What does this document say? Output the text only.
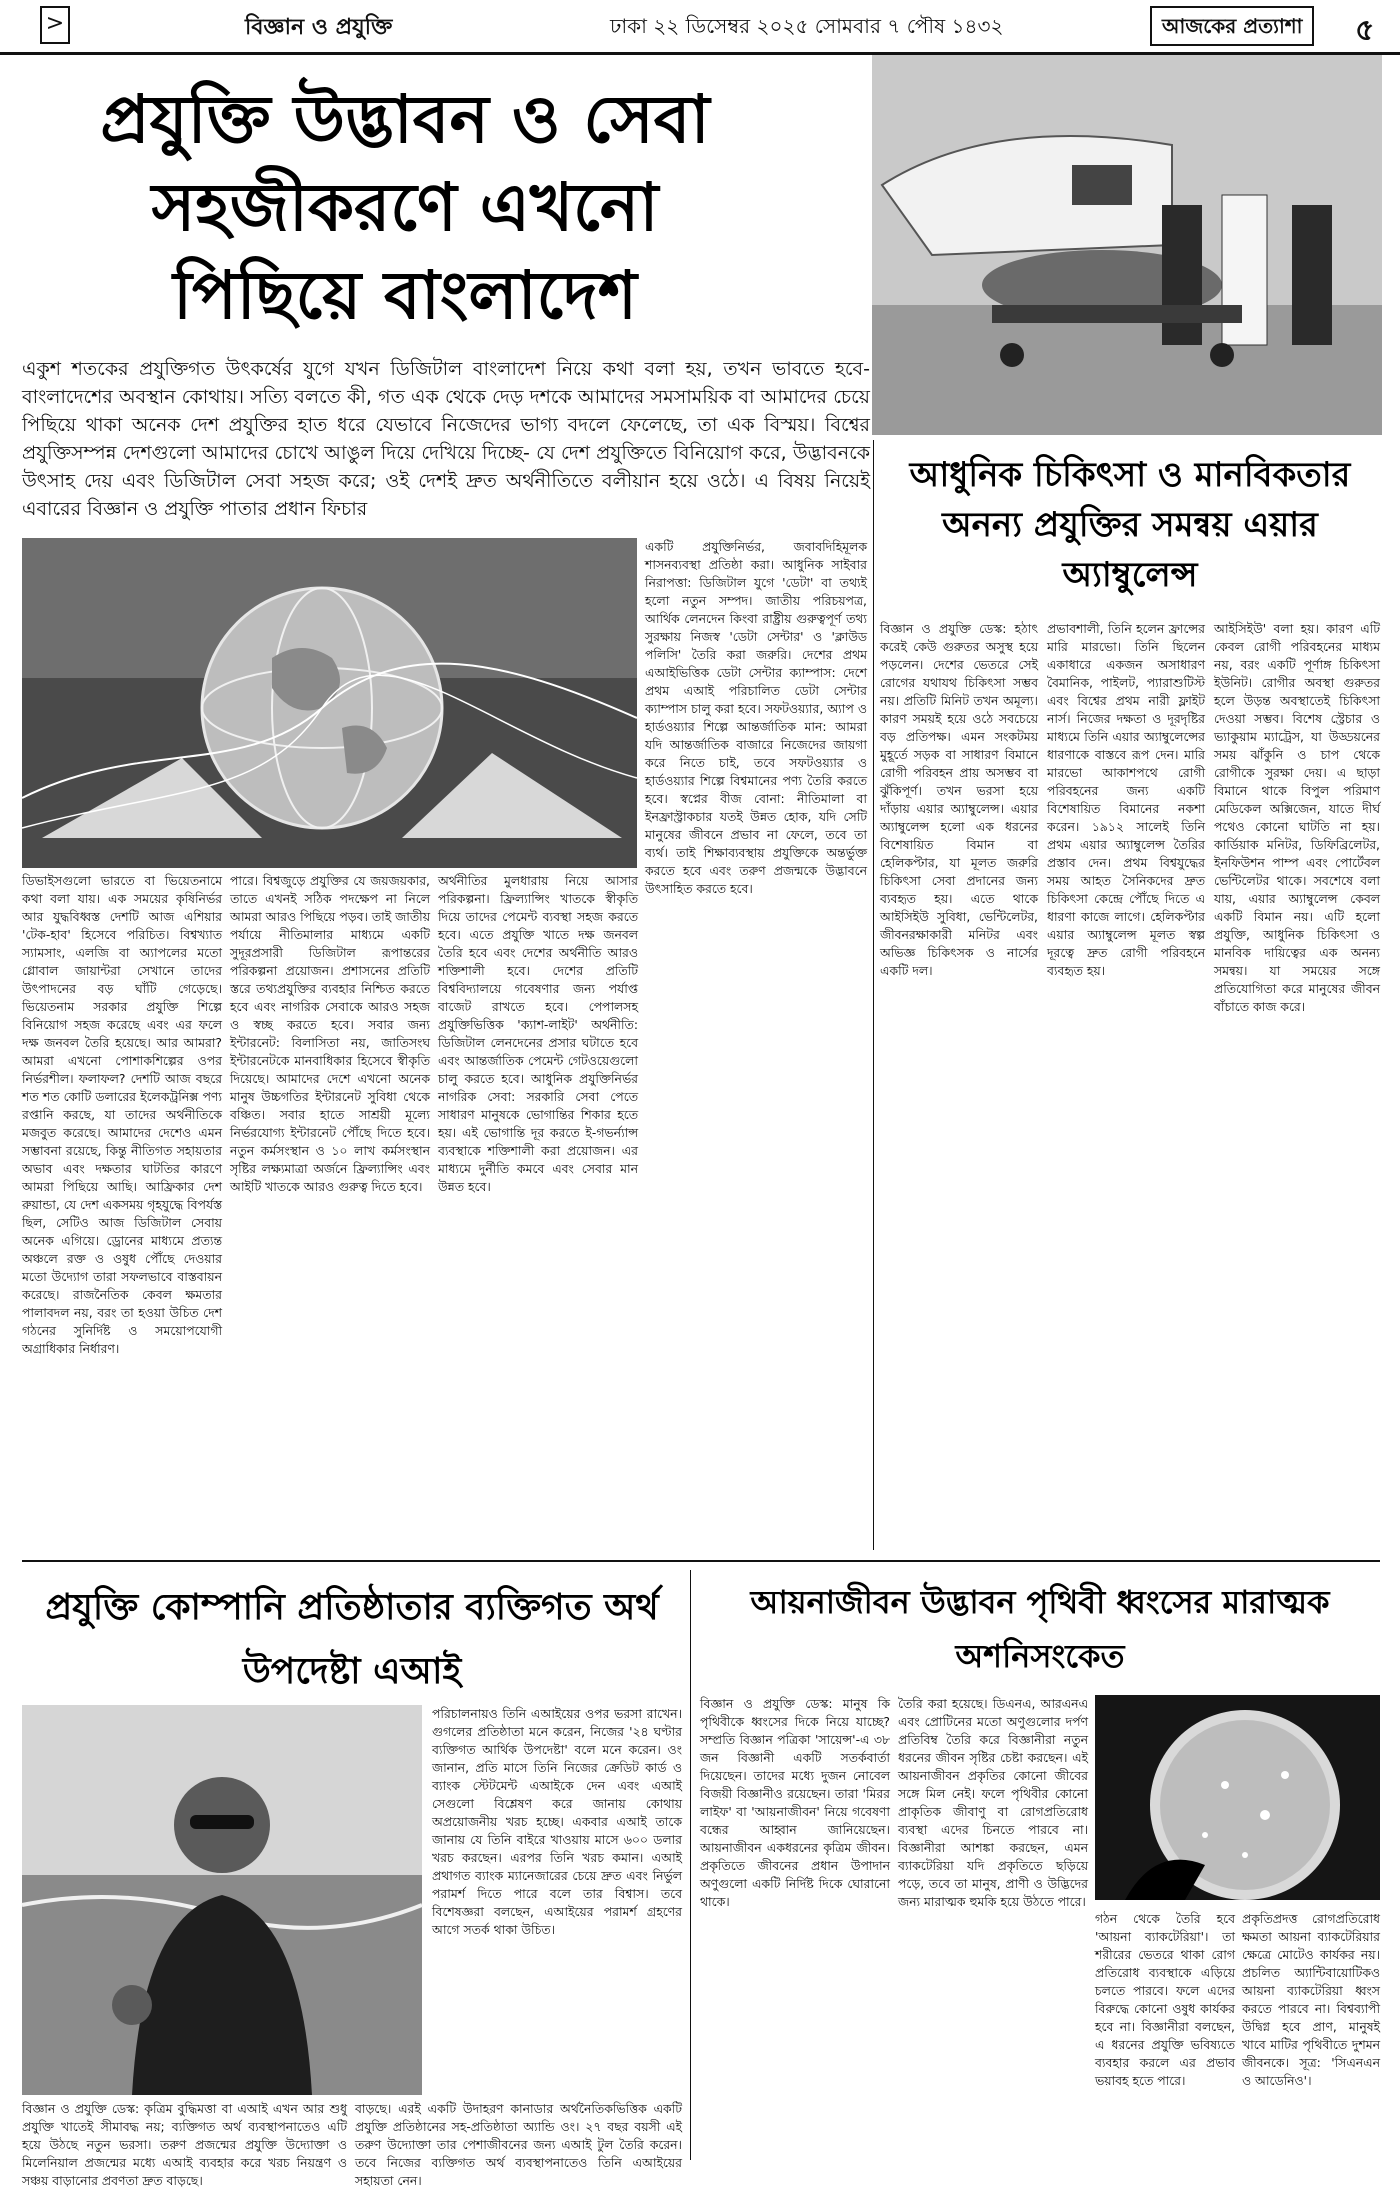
>	বিজ্ঞান ও প্রযুক্তি	ঢাকা ২২ ডিসেম্বর ২০২৫ সোমবার ৭ পৌষ ১৪৩২	আজকের প্রত্যাশা	৫
প্রযুক্তি উদ্ভাবন ও সেবা সহজীকরণে এখনো পিছিয়ে বাংলাদেশ
একুশ শতকের প্রযুক্তিগত উৎকর্ষের যুগে যখন ডিজিটাল বাংলাদেশ নিয়ে কথা বলা হয়, তখন ভাবতে হবে- বাংলাদেশের অবস্থান কোথায়। সত্যি বলতে কী, গত এক থেকে দেড় দশকে আমাদের সমসাময়িক বা আমাদের চেয়ে পিছিয়ে থাকা অনেক দেশ প্রযুক্তির হাত ধরে যেভাবে নিজেদের ভাগ্য বদলে ফেলেছে, তা এক বিস্ময়। বিশ্বের প্রযুক্তিসম্পন্ন দেশগুলো আমাদের চোখে আঙুল দিয়ে দেখিয়ে দিচ্ছে- যে দেশ প্রযুক্তিতে বিনিয়োগ করে, উদ্ভাবনকে উৎসাহ দেয় এবং ডিজিটাল সেবা সহজ করে; ওই দেশই দ্রুত অর্থনীতিতে বলীয়ান হয়ে ওঠে। এ বিষয় নিয়েই এবারের বিজ্ঞান ও প্রযুক্তি পাতার প্রধান ফিচার
আধুনিক চিকিৎসা ও মানবিকতার অনন্য প্রযুক্তির সমন্বয় এয়ার অ্যাম্বুলেন্স
ডিভাইসগুলো ভারতে বা ভিয়েতনামে কথা বলা যায়। এক সময়ের কৃষিনির্ভর আর যুদ্ধবিধ্বস্ত দেশটি আজ এশিয়ার 'টেক-হাব' হিসেবে পরিচিত। বিশ্বখ্যাত স্যামসাং, এলজি বা অ্যাপলের মতো গ্লোবাল জায়ান্টরা সেখানে তাদের উৎপাদনের বড় ঘাঁটি গেড়েছে। ভিয়েতনাম সরকার প্রযুক্তি শিল্পে বিনিয়োগ সহজ করেছে এবং এর ফলে দক্ষ জনবল তৈরি হয়েছে। আর আমরা? আমরা এখনো পোশাকশিল্পের ওপর নির্ভরশীল। ফলাফল? দেশটি আজ বছরে শত শত কোটি ডলারের ইলেকট্রনিক্স পণ্য রপ্তানি করছে, যা তাদের অর্থনীতিকে মজবুত করেছে। আমাদের দেশেও এমন সম্ভাবনা রয়েছে, কিন্তু নীতিগত সহায়তার অভাব এবং দক্ষতার ঘাটতির কারণে আমরা পিছিয়ে আছি। আফ্রিকার দেশ রুয়ান্ডা, যে দেশ একসময় গৃহযুদ্ধে বিপর্যস্ত ছিল, সেটিও আজ ডিজিটাল সেবায় অনেক এগিয়ে। ড্রোনের মাধ্যমে প্রত্যন্ত অঞ্চলে রক্ত ও ওষুধ পৌঁছে দেওয়ার মতো উদ্যোগ তারা সফলভাবে বাস্তবায়ন করেছে। রাজনৈতিক কেবল ক্ষমতার পালাবদল নয়, বরং তা হওয়া উচিত দেশ গঠনের সুনির্দিষ্ট ও সময়োপযোগী অগ্রাধিকার নির্ধারণ।
পারে। বিশ্বজুড়ে প্রযুক্তির যে জয়জয়কার, তাতে এখনই সঠিক পদক্ষেপ না নিলে আমরা আরও পিছিয়ে পড়ব। তাই জাতীয় পর্যায়ে নীতিমালার মাধ্যমে একটি সুদূরপ্রসারী ডিজিটাল রূপান্তরের পরিকল্পনা প্রয়োজন। প্রশাসনের প্রতিটি স্তরে তথ্যপ্রযুক্তির ব্যবহার নিশ্চিত করতে হবে এবং নাগরিক সেবাকে আরও সহজ ও স্বচ্ছ করতে হবে। সবার জন্য ইন্টারনেট: বিলাসিতা নয়, জাতিসংঘ ইন্টারনেটকে মানবাধিকার হিসেবে স্বীকৃতি দিয়েছে। আমাদের দেশে এখনো অনেক মানুষ উচ্চগতির ইন্টারনেট সুবিধা থেকে বঞ্চিত। সবার হাতে সাশ্রয়ী মূল্যে নির্ভরযোগ্য ইন্টারনেট পৌঁছে দিতে হবে। নতুন কর্মসংস্থান ও ১০ লাখ কর্মসংস্থান সৃষ্টির লক্ষ্যমাত্রা অর্জনে ফ্রিল্যান্সিং এবং আইটি খাতকে আরও গুরুত্ব দিতে হবে।
অর্থনীতির মুলধারায় নিয়ে আসার পরিকল্পনা। ফ্রিল্যান্সিং খাতকে স্বীকৃতি দিয়ে তাদের পেমেন্ট ব্যবস্থা সহজ করতে হবে। এতে প্রযুক্তি খাতে দক্ষ জনবল তৈরি হবে এবং দেশের অর্থনীতি আরও শক্তিশালী হবে। দেশের প্রতিটি বিশ্ববিদ্যালয়ে গবেষণার জন্য পর্যাপ্ত বাজেট রাখতে হবে। পেপালসহ প্রযুক্তিভিত্তিক 'ক্যাশ-লাইট' অর্থনীতি: ডিজিটাল লেনদেনের প্রসার ঘটাতে হবে এবং আন্তর্জাতিক পেমেন্ট গেটওয়েগুলো চালু করতে হবে। আধুনিক প্রযুক্তিনির্ভর নাগরিক সেবা: সরকারি সেবা পেতে সাধারণ মানুষকে ভোগান্তির শিকার হতে হয়। এই ভোগান্তি দূর করতে ই-গভর্ন্যান্স ব্যবস্থাকে শক্তিশালী করা প্রয়োজন। এর মাধ্যমে দুর্নীতি কমবে এবং সেবার মান উন্নত হবে।
একটি প্রযুক্তিনির্ভর, জবাবদিহিমূলক শাসনব্যবস্থা প্রতিষ্ঠা করা। আধুনিক সাইবার নিরাপত্তা: ডিজিটাল যুগে 'ডেটা' বা তথ্যই হলো নতুন সম্পদ। জাতীয় পরিচয়পত্র, আর্থিক লেনদেন কিংবা রাষ্ট্রীয় গুরুত্বপূর্ণ তথ্য সুরক্ষায় নিজস্ব 'ডেটা সেন্টার' ও 'ক্লাউড পলিসি' তৈরি করা জরুরি। দেশের প্রথম এআইভিত্তিক ডেটা সেন্টার ক্যাম্পাস: দেশে প্রথম এআই পরিচালিত ডেটা সেন্টার ক্যাম্পাস চালু করা হবে। সফটওয়্যার, অ্যাপ ও হার্ডওয়্যার শিল্পে আন্তর্জাতিক মান: আমরা যদি আন্তর্জাতিক বাজারে নিজেদের জায়গা করে নিতে চাই, তবে সফটওয়্যার ও হার্ডওয়্যার শিল্পে বিশ্বমানের পণ্য তৈরি করতে হবে। স্বপ্নের বীজ বোনা: নীতিমালা বা ইনফ্রাস্ট্রাকচার যতই উন্নত হোক, যদি সেটি মানুষের জীবনে প্রভাব না ফেলে, তবে তা ব্যর্থ। তাই শিক্ষাব্যবস্থায় প্রযুক্তিকে অন্তর্ভুক্ত করতে হবে এবং তরুণ প্রজন্মকে উদ্ভাবনে উৎসাহিত করতে হবে।
বিজ্ঞান ও প্রযুক্তি ডেস্ক: হঠাৎ করেই কেউ গুরুতর অসুস্থ হয়ে পড়লেন। দেশের ভেতরে সেই রোগের যথাযথ চিকিৎসা সম্ভব নয়। প্রতিটি মিনিট তখন অমূল্য। কারণ সময়ই হয়ে ওঠে সবচেয়ে বড় প্রতিপক্ষ। এমন সংকটময় মুহূর্তে সড়ক বা সাধারণ বিমানে রোগী পরিবহন প্রায় অসম্ভব বা ঝুঁকিপূর্ণ। তখন ভরসা হয়ে দাঁড়ায় এয়ার অ্যাম্বুলেন্স। এয়ার অ্যাম্বুলেন্স হলো এক ধরনের বিশেষায়িত বিমান বা হেলিকপ্টার, যা মূলত জরুরি চিকিৎসা সেবা প্রদানের জন্য ব্যবহৃত হয়। এতে থাকে আইসিইউ সুবিধা, ভেন্টিলেটর, জীবনরক্ষাকারী মনিটর এবং অভিজ্ঞ চিকিৎসক ও নার্সের একটি দল।
প্রভাবশালী, তিনি হলেন ফ্রান্সের মারি মারভো। তিনি ছিলেন একাধারে একজন অসাধারণ বৈমানিক, পাইলট, প্যারাশুটিস্ট এবং বিশ্বের প্রথম নারী ফ্লাইট নার্স। নিজের দক্ষতা ও দূরদৃষ্টির মাধ্যমে তিনি এয়ার অ্যাম্বুলেন্সের ধারণাকে বাস্তবে রূপ দেন। মারি মারভো আকাশপথে রোগী পরিবহনের জন্য একটি বিশেষায়িত বিমানের নকশা করেন। ১৯১২ সালেই তিনি প্রথম এয়ার অ্যাম্বুলেন্স তৈরির প্রস্তাব দেন। প্রথম বিশ্বযুদ্ধের সময় আহত সৈনিকদের দ্রুত চিকিৎসা কেন্দ্রে পৌঁছে দিতে এ ধারণা কাজে লাগে। হেলিকপ্টার এয়ার অ্যাম্বুলেন্স মূলত স্বল্প দূরত্বে দ্রুত রোগী পরিবহনে ব্যবহৃত হয়।
আইসিইউ' বলা হয়। কারণ এটি কেবল রোগী পরিবহনের মাধ্যম নয়, বরং একটি পূর্ণাঙ্গ চিকিৎসা ইউনিট। রোগীর অবস্থা গুরুতর হলে উড়ন্ত অবস্থাতেই চিকিৎসা দেওয়া সম্ভব। বিশেষ স্ট্রেচার ও ভ্যাকুয়াম ম্যাট্রেস, যা উড্ডয়নের সময় ঝাঁকুনি ও চাপ থেকে রোগীকে সুরক্ষা দেয়। এ ছাড়া বিমানে থাকে বিপুল পরিমাণ মেডিকেল অক্সিজেন, যাতে দীর্ঘ পথেও কোনো ঘাটতি না হয়। কার্ডিয়াক মনিটর, ডিফিব্রিলেটর, ইনফিউশন পাম্প এবং পোর্টেবল ভেন্টিলেটর থাকে। সবশেষে বলা যায়, এয়ার অ্যাম্বুলেন্স কেবল একটি বিমান নয়। এটি হলো প্রযুক্তি, আধুনিক চিকিৎসা ও মানবিক দায়িত্বের এক অনন্য সমন্বয়। যা সময়ের সঙ্গে প্রতিযোগিতা করে মানুষের জীবন বাঁচাতে কাজ করে।
প্রযুক্তি কোম্পানি প্রতিষ্ঠাতার ব্যক্তিগত অর্থ উপদেষ্টা এআই
পরিচালনায়ও তিনি এআইয়ের ওপর ভরসা রাখেন। গুগলের প্রতিষ্ঠাতা মনে করেন, নিজের '২৪ ঘণ্টার ব্যক্তিগত আর্থিক উপদেষ্টা' বলে মনে করেন। ওং জানান, প্রতি মাসে তিনি নিজের ক্রেডিট কার্ড ও ব্যাংক স্টেটমেন্ট এআইকে দেন এবং এআই সেগুলো বিশ্লেষণ করে জানায় কোথায় অপ্রয়োজনীয় খরচ হচ্ছে। একবার এআই তাকে জানায় যে তিনি বাইরে খাওয়ায় মাসে ৬০০ ডলার খরচ করছেন। এরপর তিনি খরচ কমান। এআই প্রথাগত ব্যাংক ম্যানেজারের চেয়ে দ্রুত এবং নির্ভুল পরামর্শ দিতে পারে বলে তার বিশ্বাস। তবে বিশেষজ্ঞরা বলছেন, এআইয়ের পরামর্শ গ্রহণের আগে সতর্ক থাকা উচিত।
বিজ্ঞান ও প্রযুক্তি ডেস্ক: কৃত্রিম বুদ্ধিমত্তা বা এআই এখন আর শুধু প্রযুক্তি খাতেই সীমাবদ্ধ নয়; ব্যক্তিগত অর্থ ব্যবস্থাপনাতেও এটি হয়ে উঠছে নতুন ভরসা। তরুণ প্রজন্মের প্রযুক্তি উদ্যোক্তা ও মিলেনিয়াল প্রজন্মের মধ্যে এআই ব্যবহার করে খরচ নিয়ন্ত্রণ ও সঞ্চয় বাড়ানোর প্রবণতা দ্রুত বাড়ছে।
বাড়ছে। এরই একটি উদাহরণ কানাডার অর্থনৈতিকভিত্তিক একটি প্রযুক্তি প্রতিষ্ঠানের সহ-প্রতিষ্ঠাতা অ্যান্ডি ওং। ২৭ বছর বয়সী এই তরুণ উদ্যোক্তা তার পেশাজীবনের জন্য এআই টুল তৈরি করেন। তবে নিজের ব্যক্তিগত অর্থ ব্যবস্থাপনাতেও তিনি এআইয়ের সহায়তা নেন।
আয়নাজীবন উদ্ভাবন পৃথিবী ধ্বংসের মারাত্মক অশনিসংকেত
বিজ্ঞান ও প্রযুক্তি ডেস্ক: মানুষ কি পৃথিবীকে ধ্বংসের দিকে নিয়ে যাচ্ছে? সম্প্রতি বিজ্ঞান পত্রিকা 'সায়েন্স'-এ ৩৮ জন বিজ্ঞানী একটি সতর্কবার্তা দিয়েছেন। তাদের মধ্যে দুজন নোবেল বিজয়ী বিজ্ঞানীও রয়েছেন। তারা 'মিরর লাইফ' বা 'আয়নাজীবন' নিয়ে গবেষণা বন্ধের আহ্বান জানিয়েছেন। আয়নাজীবন একধরনের কৃত্রিম জীবন। প্রকৃতিতে জীবনের প্রধান উপাদান অণুগুলো একটি নির্দিষ্ট দিকে ঘোরানো থাকে।
তৈরি করা হয়েছে। ডিএনএ, আরএনএ এবং প্রোটিনের মতো অণুগুলোর দর্পণ প্রতিবিম্ব তৈরি করে বিজ্ঞানীরা নতুন ধরনের জীবন সৃষ্টির চেষ্টা করছেন। এই আয়নাজীবন প্রকৃতির কোনো জীবের সঙ্গে মিল নেই। ফলে পৃথিবীর কোনো প্রাকৃতিক জীবাণু বা রোগপ্রতিরোধ ব্যবস্থা এদের চিনতে পারবে না। বিজ্ঞানীরা আশঙ্কা করছেন, এমন ব্যাকটেরিয়া যদি প্রকৃতিতে ছড়িয়ে পড়ে, তবে তা মানুষ, প্রাণী ও উদ্ভিদের জন্য মারাত্মক হুমকি হয়ে উঠতে পারে।
গঠন থেকে তৈরি হবে 'আয়না ব্যাকটেরিয়া'। তা শরীরের ভেতরে থাকা রোগ প্রতিরোধ ব্যবস্থাকে এড়িয়ে চলতে পারবে। ফলে এদের বিরুদ্ধে কোনো ওষুধ কার্যকর হবে না। বিজ্ঞানীরা বলছেন, এ ধরনের প্রযুক্তি ভবিষ্যতে ব্যবহার করলে এর প্রভাব ভয়াবহ হতে পারে।
প্রকৃতিপ্রদত্ত রোগপ্রতিরোধ ক্ষমতা আয়না ব্যাকটেরিয়ার ক্ষেত্রে মোটেও কার্যকর নয়। প্রচলিত অ্যান্টিবায়োটিকও আয়না ব্যাকটেরিয়া ধ্বংস করতে পারবে না। বিশ্বব্যাপী উদ্বিগ্ন হবে প্রাণ, মানুষই খাবে মাটির পৃথিবীতে দুশমন জীবনকে। সূত্র: 'সিএনএন ও আডেনিও'।
